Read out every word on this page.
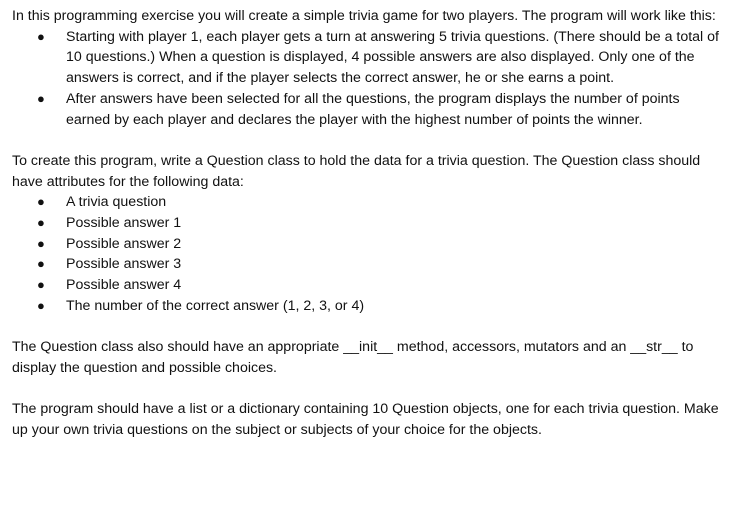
In this programming exercise you will create a simple trivia game for two players. The program will work like this:

● Starting with player 1, each player gets a turn at answering 5 trivia questions. (There should be a total of 10 questions.) When a question is displayed, 4 possible answers are also displayed. Only one of the answers is correct, and if the player selects the correct answer, he or she earns a point.
● After answers have been selected for all the questions, the program displays the number of points earned by each player and declares the player with the highest number of points the winner.

To create this program, write a Question class to hold the data for a trivia question. The Question class should have attributes for the following data:

● A trivia question
● Possible answer 1
● Possible answer 2
● Possible answer 3
● Possible answer 4
● The number of the correct answer (1, 2, 3, or 4)

The Question class also should have an appropriate __init__ method, accessors, mutators and an __str__ to display the question and possible choices.

The program should have a list or a dictionary containing 10 Question objects, one for each trivia question. Make up your own trivia questions on the subject or subjects of your choice for the objects.
